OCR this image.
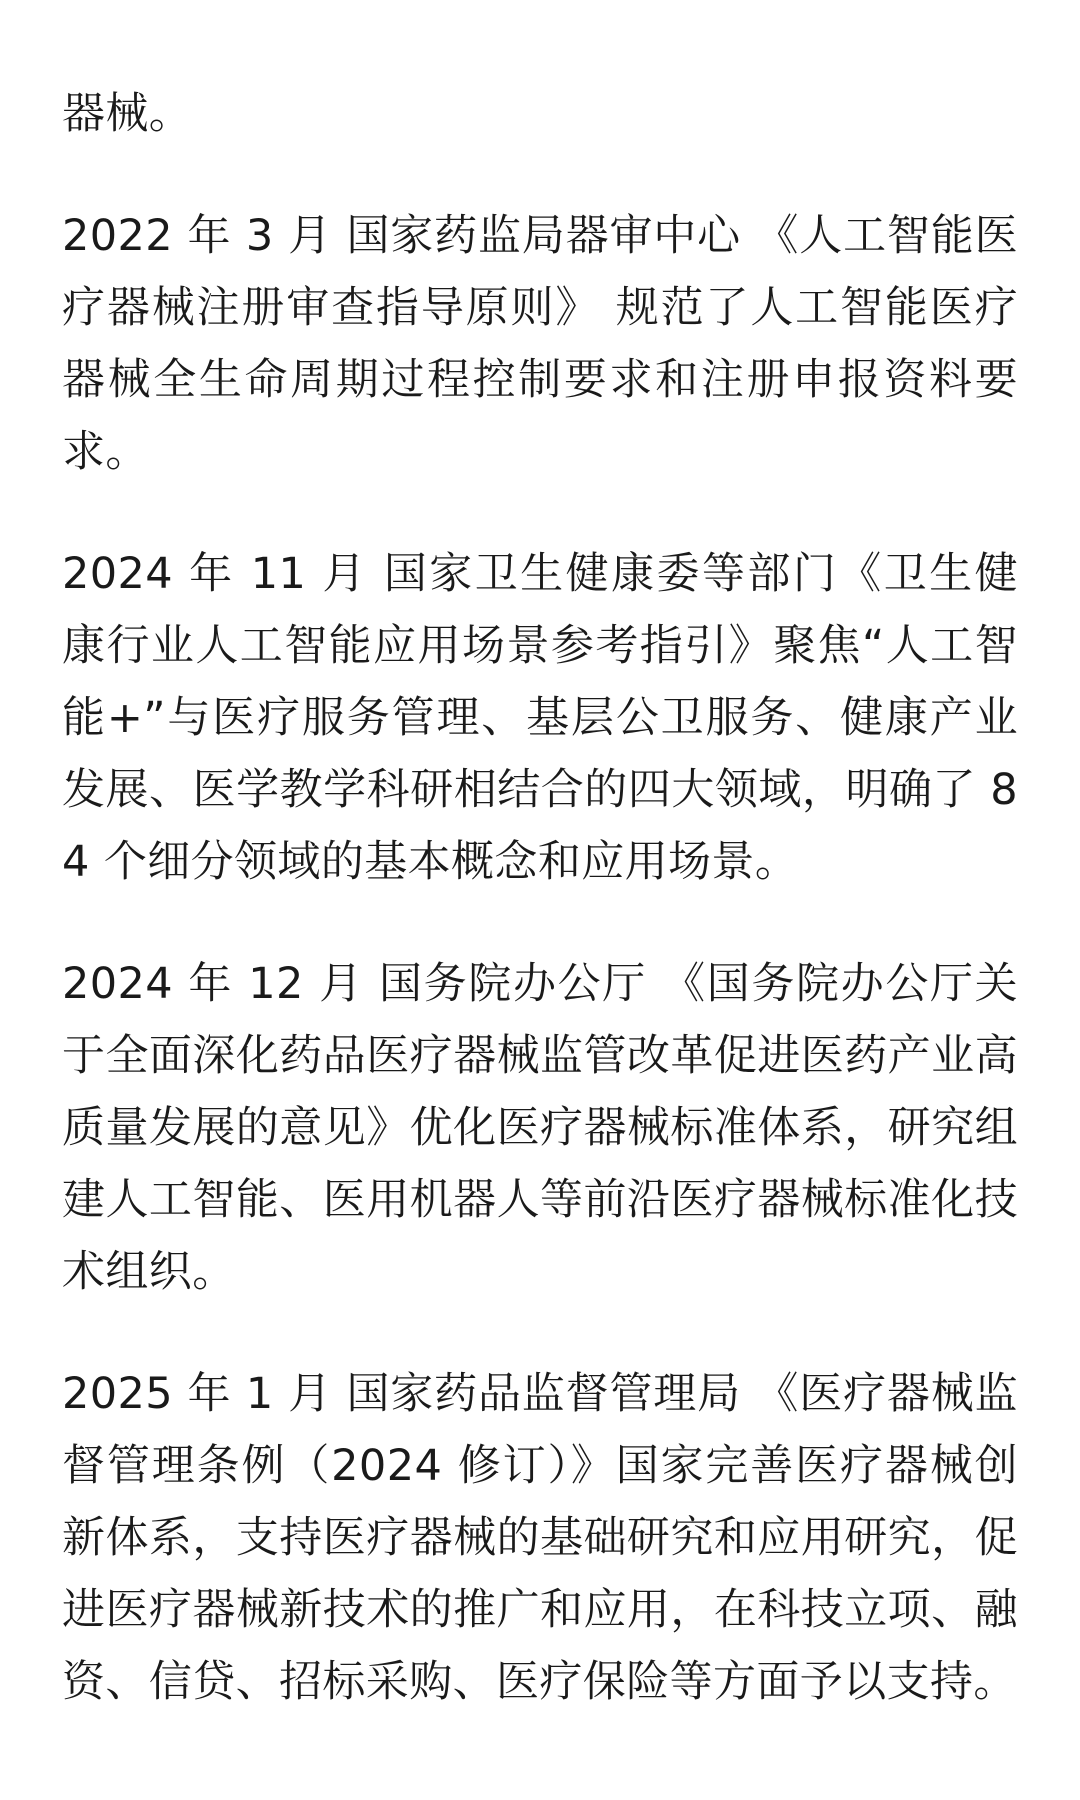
器械。

2022 年 3 月 国家药监局器审中心 《人工智能医疗器械注册审查指导原则》 规范了人工智能医疗器械全生命周期过程控制要求和注册申报资料要求。

2024 年 11 月 国家卫生健康委等部门《卫生健康行业人工智能应用场景参考指引》聚焦“人工智能+”与医疗服务管理、基层公卫服务、健康产业发展、医学教学科研相结合的四大领域，明确了 84 个细分领域的基本概念和应用场景。

2024 年 12 月 国务院办公厅 《国务院办公厅关于全面深化药品医疗器械监管改革促进医药产业高质量发展的意见》优化医疗器械标准体系，研究组建人工智能、医用机器人等前沿医疗器械标准化技术组织。

2025 年 1 月 国家药品监督管理局 《医疗器械监督管理条例（2024 修订）》国家完善医疗器械创新体系，支持医疗器械的基础研究和应用研究，促进医疗器械新技术的推广和应用，在科技立项、融资、信贷、招标采购、医疗保险等方面予以支持。
